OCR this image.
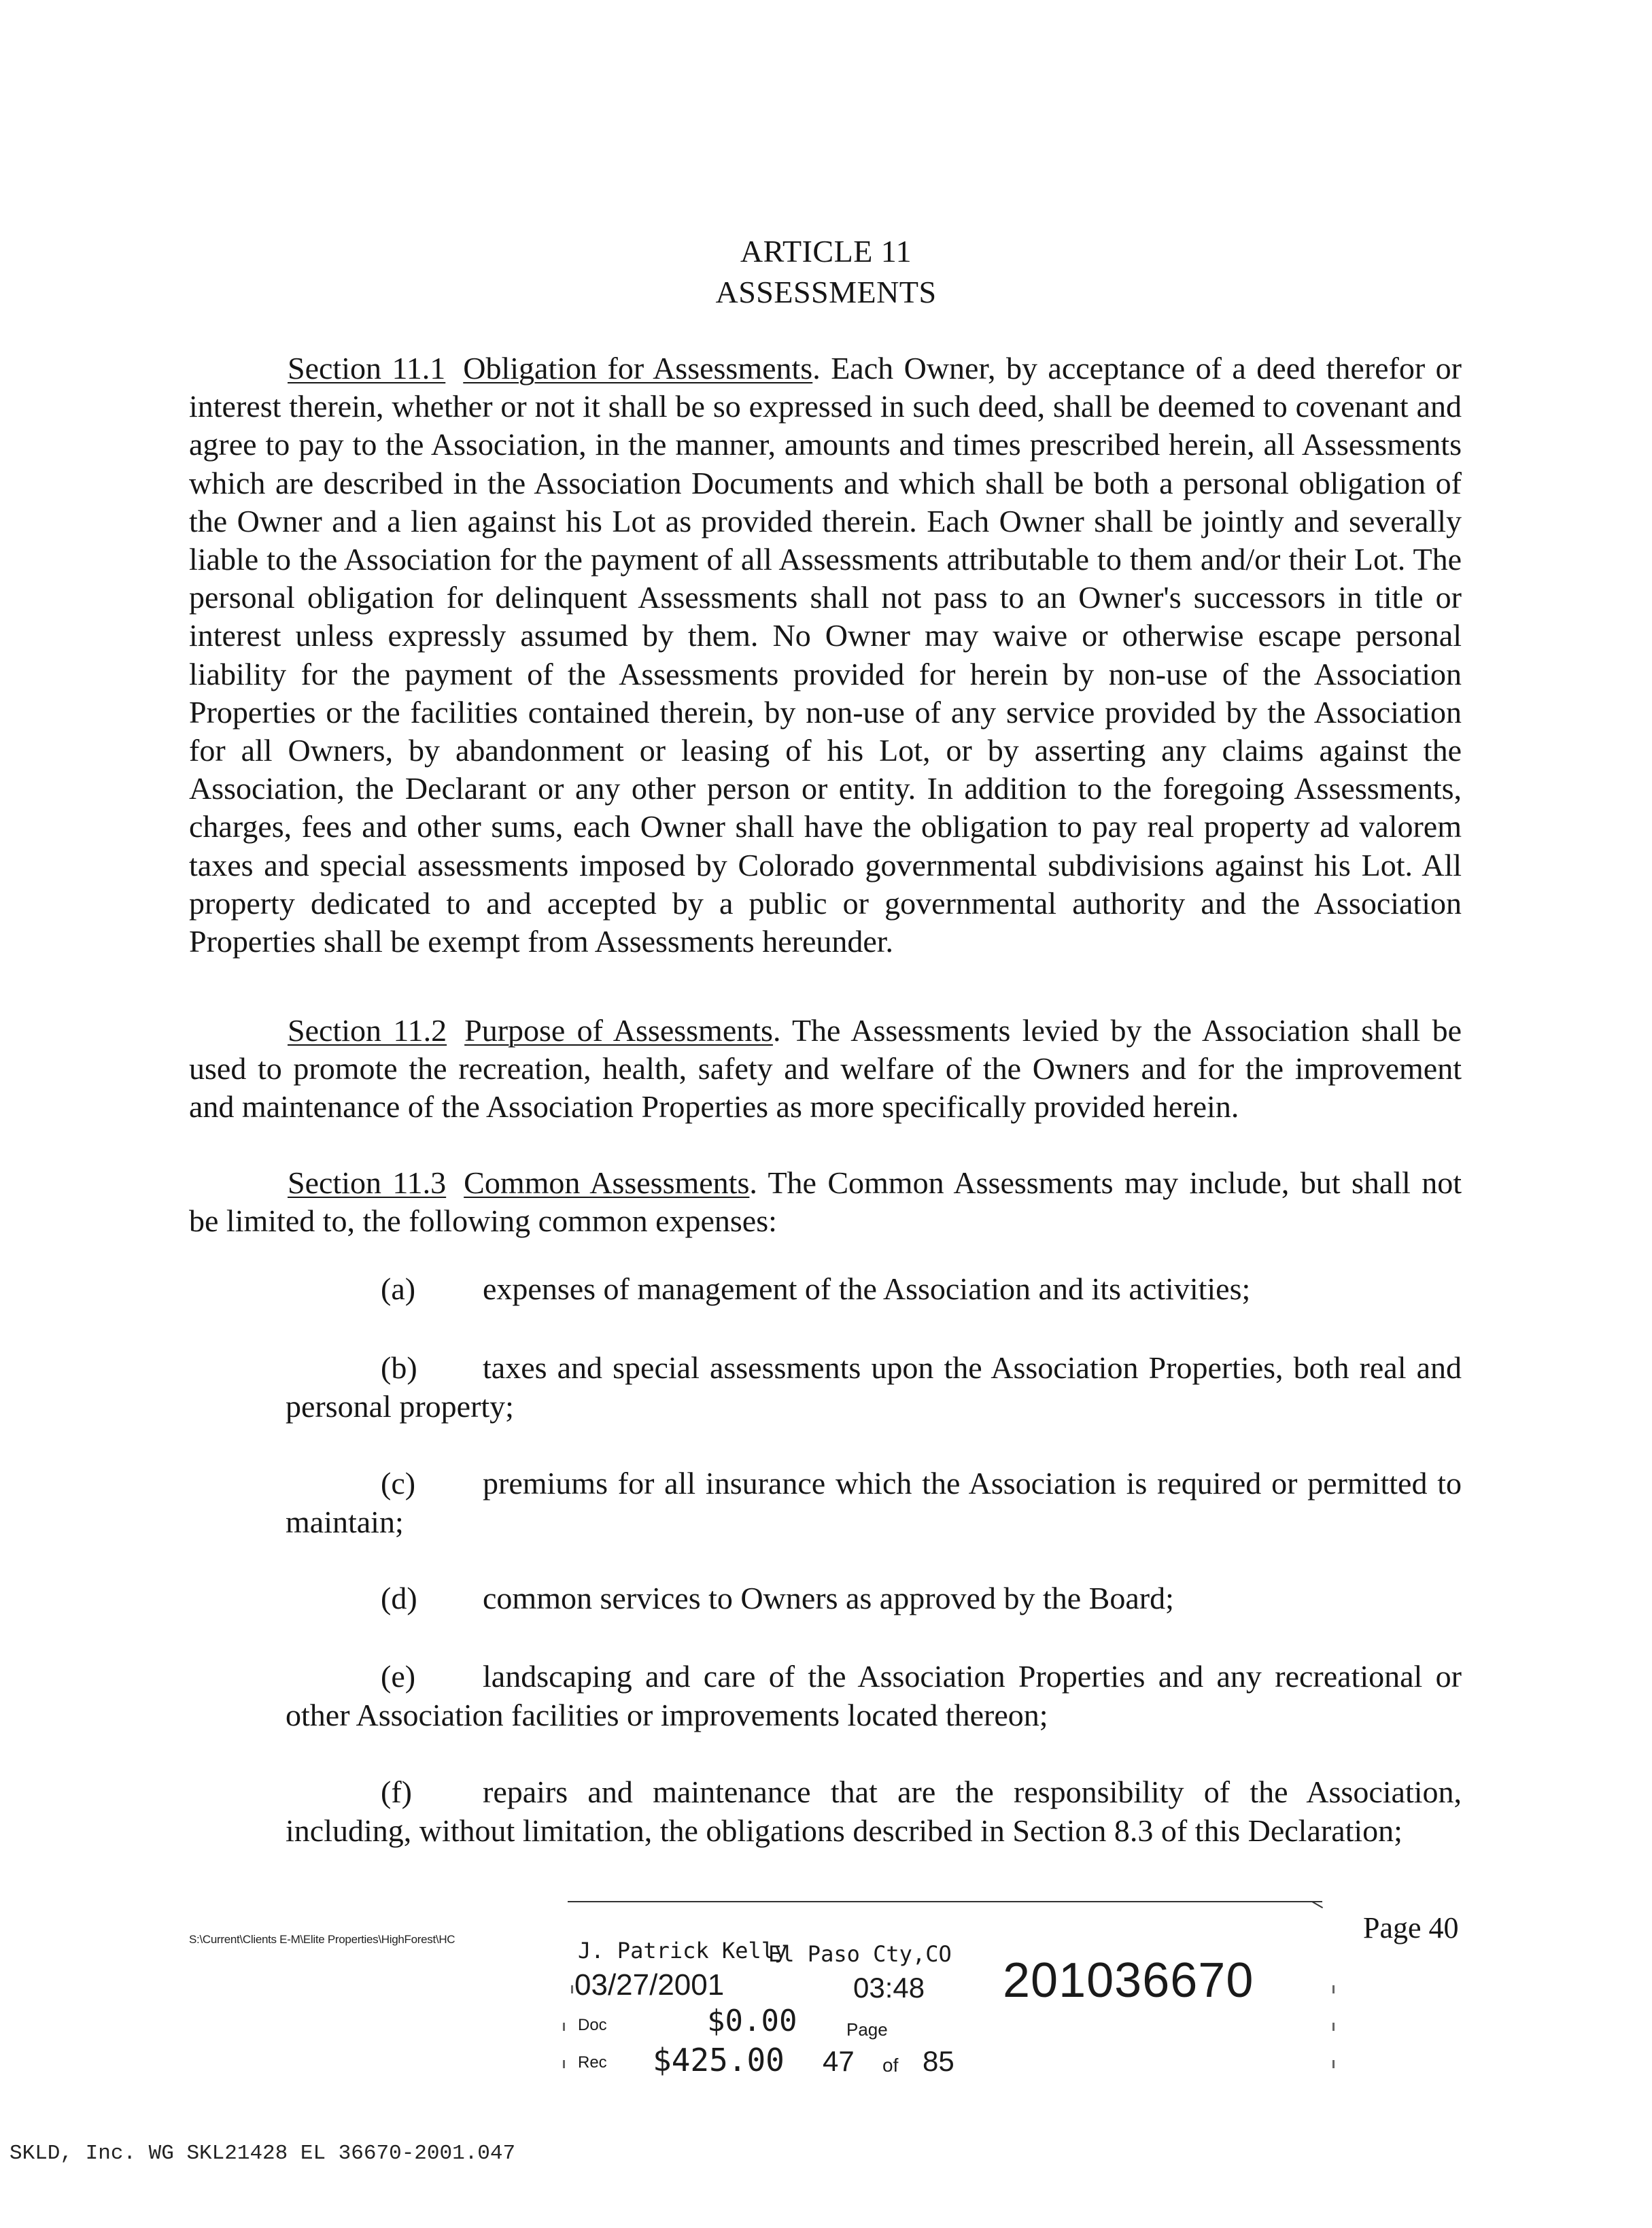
ARTICLE 11
ASSESSMENTS

Section 11.1 Obligation for Assessments. Each Owner, by acceptance of a deed therefor or interest therein, whether or not it shall be so expressed in such deed, shall be deemed to covenant and agree to pay to the Association, in the manner, amounts and times prescribed herein, all Assessments which are described in the Association Documents and which shall be both a personal obligation of the Owner and a lien against his Lot as provided therein. Each Owner shall be jointly and severally liable to the Association for the payment of all Assessments attributable to them and/or their Lot. The personal obligation for delinquent Assessments shall not pass to an Owner's successors in title or interest unless expressly assumed by them. No Owner may waive or otherwise escape personal liability for the payment of the Assessments provided for herein by non-use of the Association Properties or the facilities contained therein, by non-use of any service provided by the Association for all Owners, by abandonment or leasing of his Lot, or by asserting any claims against the Association, the Declarant or any other person or entity. In addition to the foregoing Assessments, charges, fees and other sums, each Owner shall have the obligation to pay real property ad valorem taxes and special assessments imposed by Colorado governmental subdivisions against his Lot. All property dedicated to and accepted by a public or governmental authority and the Association Properties shall be exempt from Assessments hereunder.

Section 11.2 Purpose of Assessments. The Assessments levied by the Association shall be used to promote the recreation, health, safety and welfare of the Owners and for the improvement and maintenance of the Association Properties as more specifically provided herein.

Section 11.3 Common Assessments. The Common Assessments may include, but shall not be limited to, the following common expenses:

(a)	expenses of management of the Association and its activities;
(b)	taxes and special assessments upon the Association Properties, both real and personal property;
(c)	premiums for all insurance which the Association is required or permitted to maintain;
(d)	common services to Owners as approved by the Board;
(e)	landscaping and care of the Association Properties and any recreational or other Association facilities or improvements located thereon;
(f)	repairs and maintenance that are the responsibility of the Association, including, without limitation, the obligations described in Section 8.3 of this Declaration;
S:\Current\Clients E-M\Elite Properties\HighForest\HC	Page 40
J. Patrick Kelly
El Paso Cty,CO
03/27/2001	03:48 201036670
Doc	$0.00	Page
Rec $425.00 47 of 85
SKLD, Inc. WG SKL21428 EL 36670-2001.047
